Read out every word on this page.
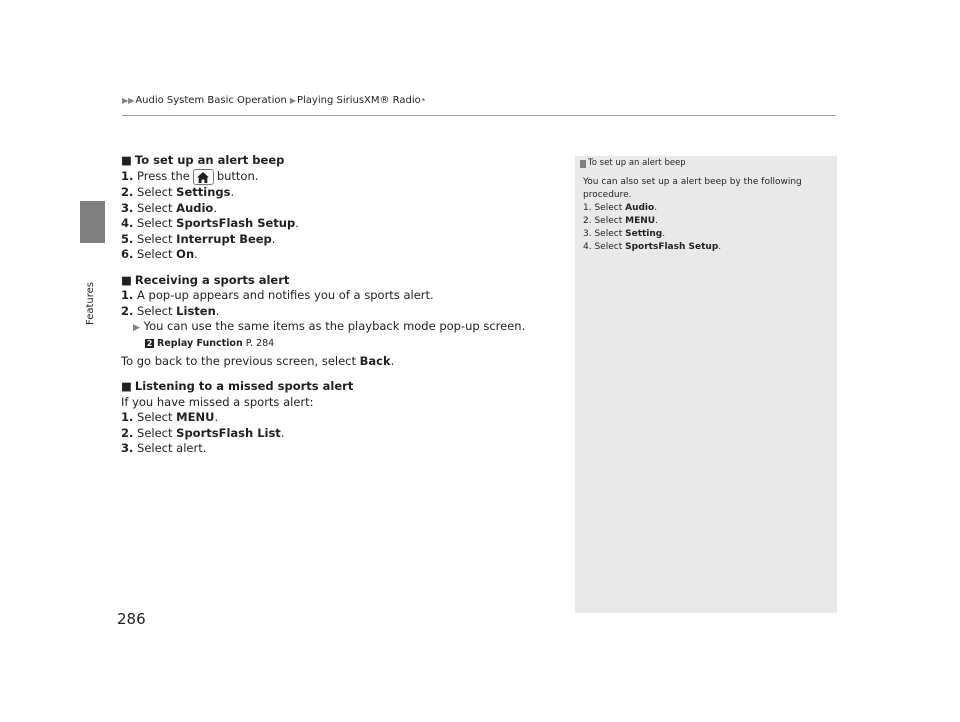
▶▶ Audio System Basic Operation ▶ Playing SiriusXM® Radio *
Features
286
■ To set up an alert beep
1. Press the button.
2. Select Settings.
3. Select Audio.
4. Select SportsFlash Setup.
5. Select Interrupt Beep.
6. Select On.
■ Receiving a sports alert
1. A pop-up appears and notifies you of a sports alert.
2. Select Listen.
▶ You can use the same items as the playback mode pop-up screen.
2 Replay Function P. 284
To go back to the previous screen, select Back.
■ Listening to a missed sports alert
If you have missed a sports alert:
1. Select MENU.
2. Select SportsFlash List.
3. Select alert.
To set up an alert beep
You can also set up a alert beep by the following procedure.
1. Select Audio.
2. Select MENU.
3. Select Setting.
4. Select SportsFlash Setup.
